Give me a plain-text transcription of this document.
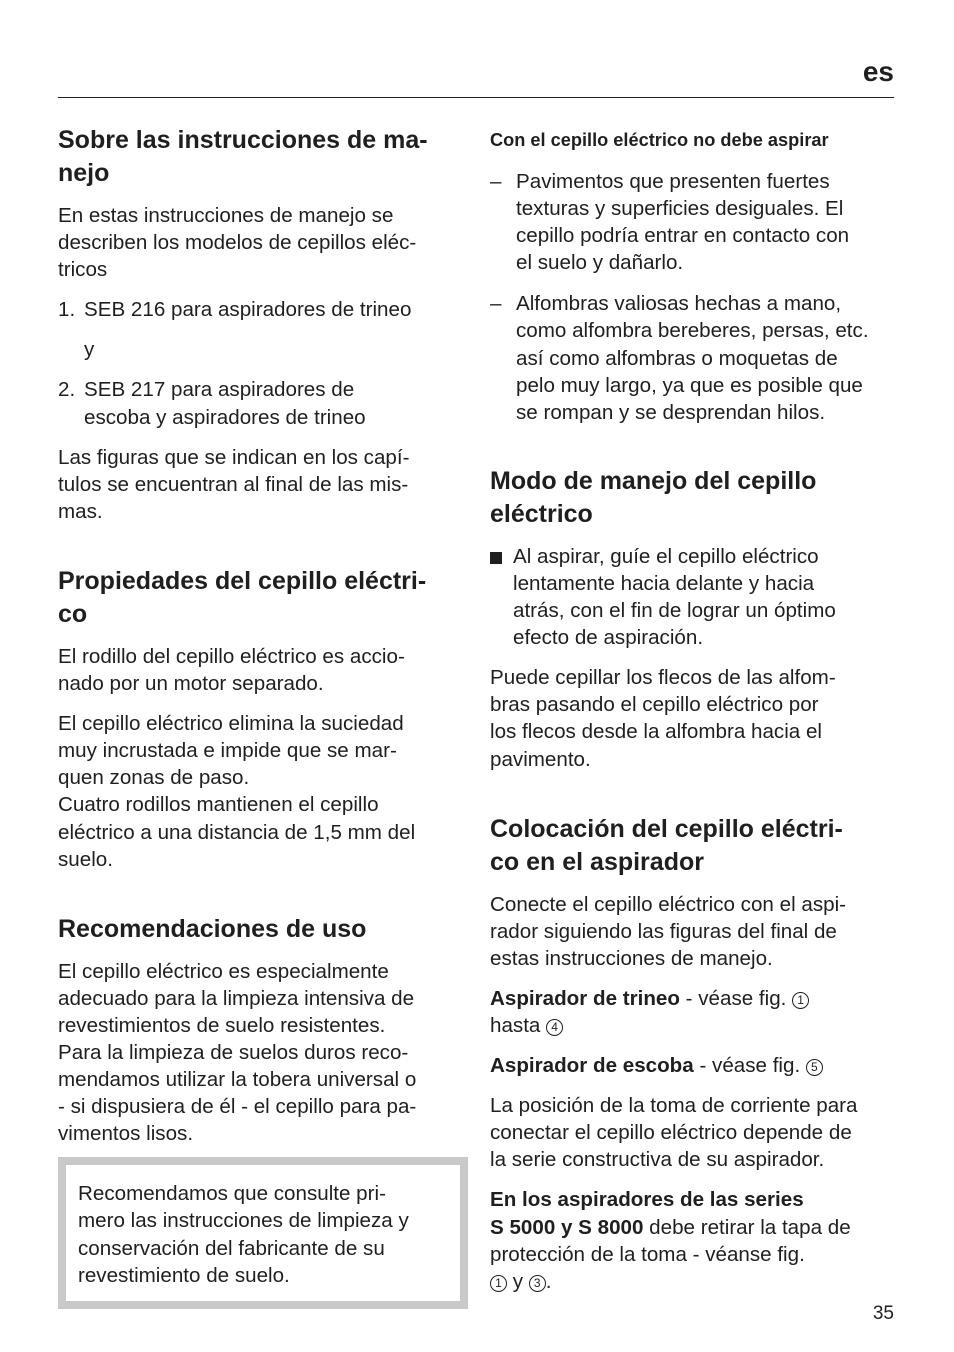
es
Sobre las instrucciones de ma-
nejo

En estas instrucciones de manejo se
describen los modelos de cepillos eléc-
tricos

1. SEB 216 para aspiradores de trineo
y
2. SEB 217 para aspiradores de
escoba y aspiradores de trineo

Las figuras que se indican en los capí-
tulos se encuentran al final de las mis-
mas.

Propiedades del cepillo eléctri-
co

El rodillo del cepillo eléctrico es accio-
nado por un motor separado.

El cepillo eléctrico elimina la suciedad
muy incrustada e impide que se mar-
quen zonas de paso.
Cuatro rodillos mantienen el cepillo
eléctrico a una distancia de 1,5 mm del
suelo.

Recomendaciones de uso

El cepillo eléctrico es especialmente
adecuado para la limpieza intensiva de
revestimientos de suelo resistentes.
Para la limpieza de suelos duros reco-
mendamos utilizar la tobera universal o
- si dispusiera de él - el cepillo para pa-
vimentos lisos.

Recomendamos que consulte pri-
mero las instrucciones de limpieza y
conservación del fabricante de su
revestimiento de suelo.

Con el cepillo eléctrico no debe aspirar
– Pavimentos que presenten fuertes
texturas y superficies desiguales. El
cepillo podría entrar en contacto con
el suelo y dañarlo.
– Alfombras valiosas hechas a mano,
como alfombra bereberes, persas, etc.
así como alfombras o moquetas de
pelo muy largo, ya que es posible que
se rompan y se desprendan hilos.
Modo de manejo del cepillo
eléctrico
Al aspirar, guíe el cepillo eléctrico
lentamente hacia delante y hacia
atrás, con el fin de lograr un óptimo
efecto de aspiración.

Puede cepillar los flecos de las alfom-
bras pasando el cepillo eléctrico por
los flecos desde la alfombra hacia el
pavimento.

Colocación del cepillo eléctri-
co en el aspirador

Conecte el cepillo eléctrico con el aspi-
rador siguiendo las figuras del final de
estas instrucciones de manejo.

Aspirador de trineo - véase fig. 1
hasta 4

Aspirador de escoba - véase fig. 5

La posición de la toma de corriente para
conectar el cepillo eléctrico depende de
la serie constructiva de su aspirador.

En los aspiradores de las series
S 5000 y S 8000 debe retirar la tapa de
protección de la toma - véanse fig.
1 y 3 .

35
